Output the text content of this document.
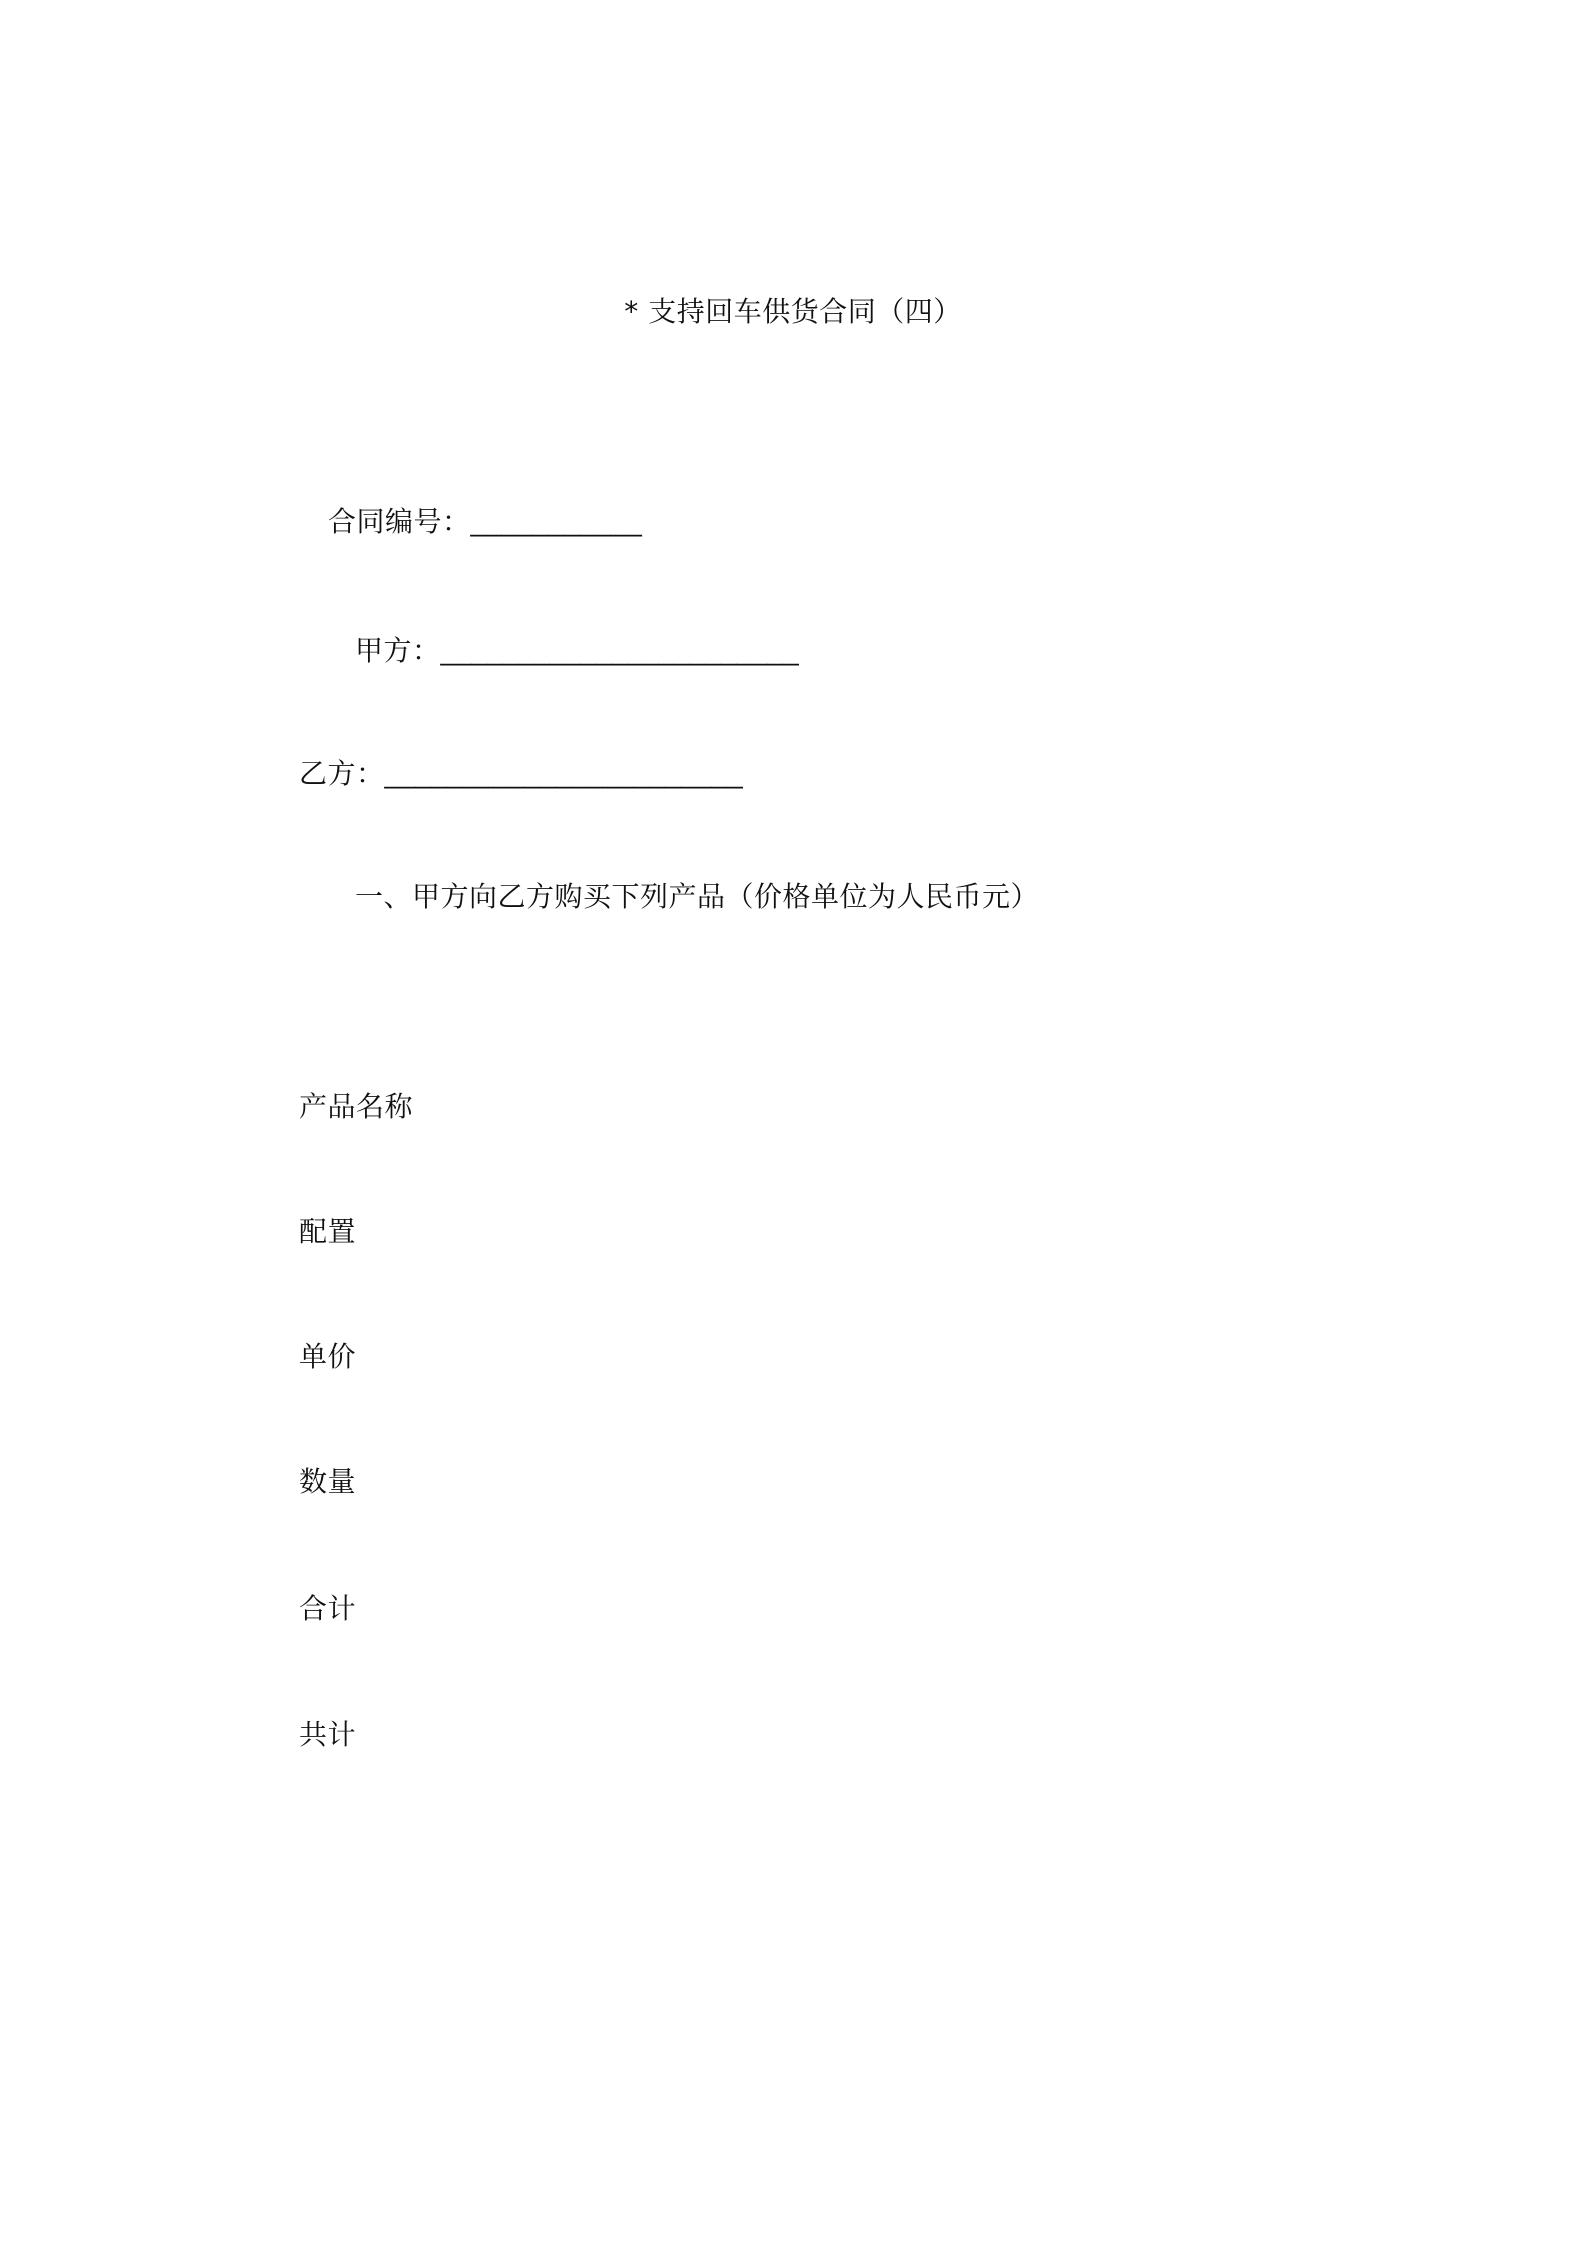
* 支持回车供货合同（四）
合同编号：___________
甲方：_______________________
乙方：_______________________
一、甲方向乙方购买下列产品（价格单位为人民币元）
产品名称
配置
单价
数量
合计
共计
